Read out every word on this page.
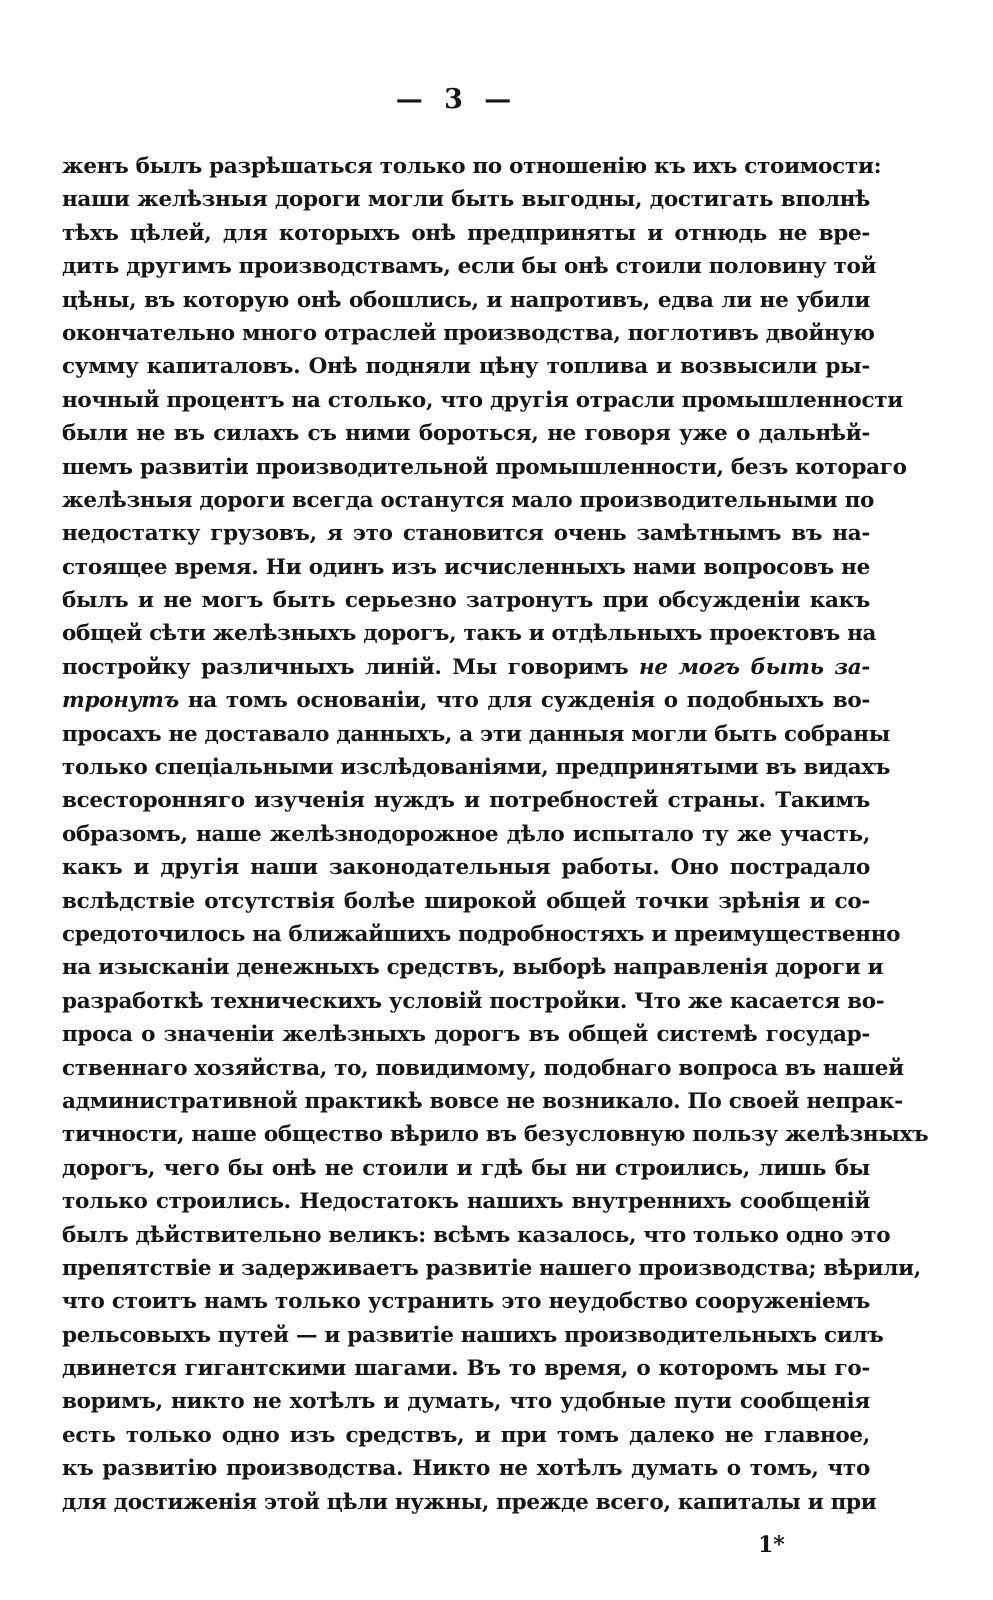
— 3 —
женъ былъ разрѣшаться только по отношенію къ ихъ стоимости:
наши желѣзныя дороги могли быть выгодны, достигать вполнѣ
тѣхъ цѣлей, для которыхъ онѣ предприняты и отнюдь не вре-
дить другимъ производствамъ, если бы онѣ стоили половину той
цѣны, въ которую онѣ обошлись, и напротивъ, едва ли не убили
окончательно много отраслей производства, поглотивъ двойную
сумму капиталовъ. Онѣ подняли цѣну топлива и возвысили ры-
ночный процентъ на столько, что другія отрасли промышленности
были не въ силахъ съ ними бороться, не говоря уже о дальнѣй-
шемъ развитіи производительной промышленности, безъ котораго
желѣзныя дороги всегда останутся мало производительными по
недостатку грузовъ, я это становится очень замѣтнымъ въ на-
стоящее время. Ни одинъ изъ исчисленныхъ нами вопросовъ не
былъ и не могъ быть серьезно затронутъ при обсужденіи какъ
общей сѣти желѣзныхъ дорогъ, такъ и отдѣльныхъ проектовъ на
постройку различныхъ линій. Мы говоримъ не могъ быть за-
тронутъ на томъ основаніи, что для сужденія о подобныхъ во-
просахъ не доставало данныхъ, а эти данныя могли быть собраны
только спеціальными изслѣдованіями, предпринятыми въ видахъ
всесторонняго изученія нуждъ и потребностей страны. Такимъ
образомъ, наше желѣзнодорожное дѣло испытало ту же участь,
какъ и другія наши законодательныя работы. Оно пострадало
вслѣдствіе отсутствія болѣе широкой общей точки зрѣнія и со-
средоточилось на ближайшихъ подробностяхъ и преимущественно
на изысканіи денежныхъ средствъ, выборѣ направленія дороги и
разработкѣ техническихъ условій постройки. Что же касается во-
проса о значеніи желѣзныхъ дорогъ въ общей системѣ государ-
ственнаго хозяйства, то, повидимому, подобнаго вопроса въ нашей
административной практикѣ вовсе не возникало. По своей непрак-
тичности, наше общество вѣрило въ безусловную пользу желѣзныхъ
дорогъ, чего бы онѣ не стоили и гдѣ бы ни строились, лишь бы
только строились. Недостатокъ нашихъ внутреннихъ сообщеній
былъ дѣйствительно великъ: всѣмъ казалось, что только одно это
препятствіе и задерживаетъ развитіе нашего производства; вѣрили,
что стоитъ намъ только устранить это неудобство сооруженіемъ
рельсовыхъ путей — и развитіе нашихъ производительныхъ силъ
двинется гигантскими шагами. Въ то время, о которомъ мы го-
воримъ, никто не хотѣлъ и думать, что удобные пути сообщенія
есть только одно изъ средствъ, и при томъ далеко не главное,
къ развитію производства. Никто не хотѣлъ думать о томъ, что
для достиженія этой цѣли нужны, прежде всего, капиталы и при
1*
